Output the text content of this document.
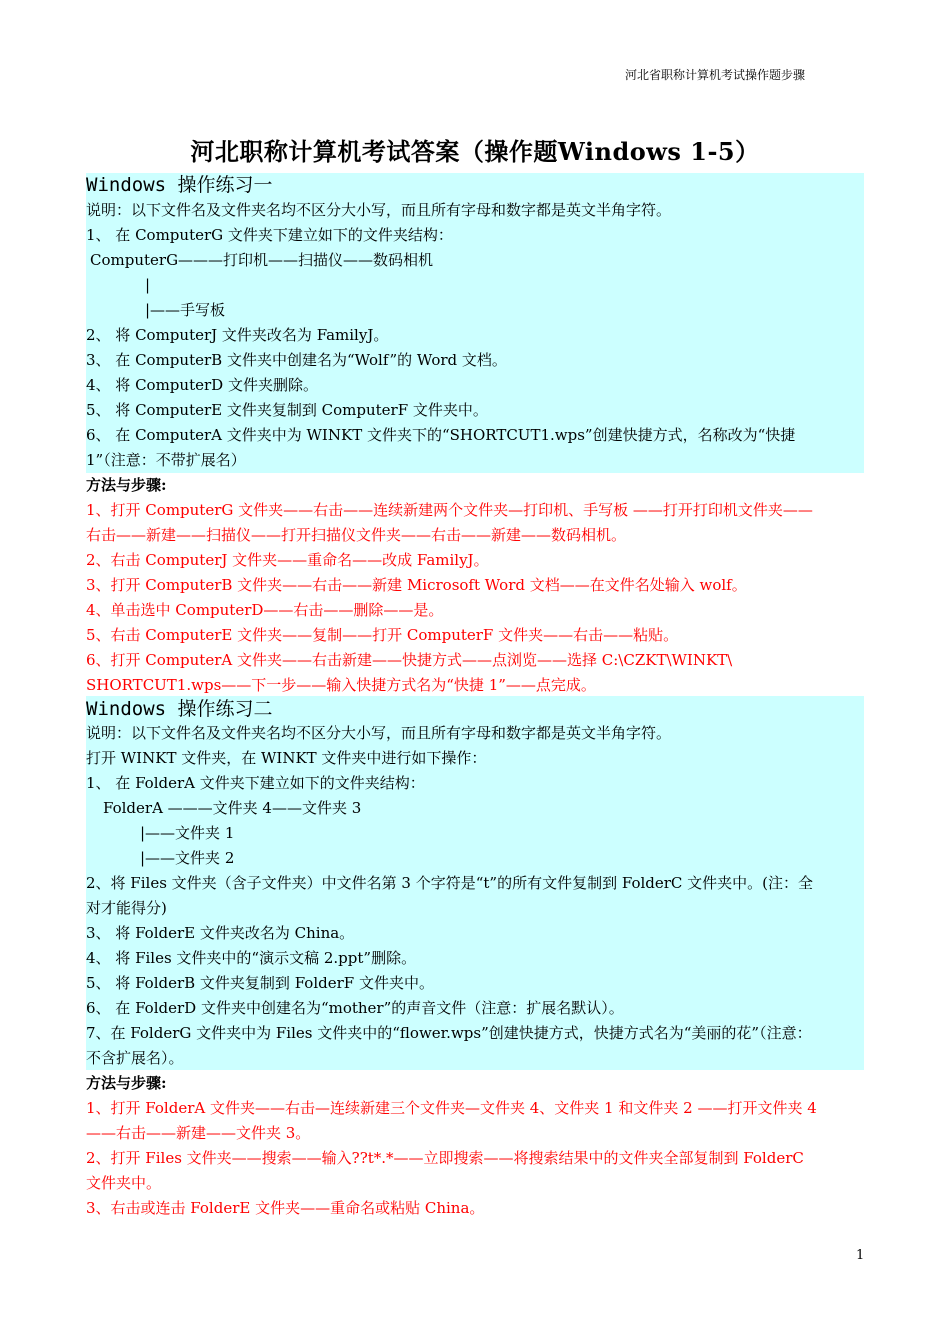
河北省职称计算机考试操作题步骤
河北职称计算机考试答案（操作题Windows 1-5）
Windows 操作练习一
说明：以下文件名及文件夹名均不区分大小写，而且所有字母和数字都是英文半角字符。
1、 在 ComputerG 文件夹下建立如下的文件夹结构：
ComputerG———打印机——扫描仪——数码相机
|
|——手写板
2、 将 ComputerJ 文件夹改名为 FamilyJ。
3、 在 ComputerB 文件夹中创建名为“Wolf”的 Word 文档。
4、 将 ComputerD 文件夹删除。
5、 将 ComputerE 文件夹复制到 ComputerF 文件夹中。
6、 在 ComputerA 文件夹中为 WINKT 文件夹下的“SHORTCUT1.wps”创建快捷方式，名称改为“快捷
1”（注意：不带扩展名）
方法与步骤:
1、打开 ComputerG 文件夹——右击——连续新建两个文件夹—打印机、手写板 ——打开打印机文件夹——
右击——新建——扫描仪——打开扫描仪文件夹——右击——新建——数码相机。
2、右击 ComputerJ 文件夹——重命名——改成 FamilyJ。
3、打开 ComputerB 文件夹——右击——新建 Microsoft Word 文档——在文件名处输入 wolf。
4、单击选中 ComputerD——右击——删除——是。
5、右击 ComputerE 文件夹——复制——打开 ComputerF 文件夹——右击——粘贴。
6、打开 ComputerA 文件夹——右击新建——快捷方式——点浏览——选择 C:\CZKT\WINKT\
SHORTCUT1.wps——下一步——输入快捷方式名为“快捷 1”——点完成。
Windows 操作练习二
说明：以下文件名及文件夹名均不区分大小写，而且所有字母和数字都是英文半角字符。
打开 WINKT 文件夹，在 WINKT 文件夹中进行如下操作：
1、 在 FolderA 文件夹下建立如下的文件夹结构：
FolderA ———文件夹 4——文件夹 3
|——文件夹 1
|——文件夹 2
2、将 Files 文件夹（含子文件夹）中文件名第 3 个字符是“t”的所有文件复制到 FolderC 文件夹中。(注：全
对才能得分)
3、 将 FolderE 文件夹改名为 China。
4、 将 Files 文件夹中的“演示文稿 2.ppt”删除。
5、 将 FolderB 文件夹复制到 FolderF 文件夹中。
6、 在 FolderD 文件夹中创建名为“mother”的声音文件（注意：扩展名默认）。
7、在 FolderG 文件夹中为 Files 文件夹中的“flower.wps”创建快捷方式，快捷方式名为“美丽的花”（注意：
不含扩展名）。
方法与步骤:
1、打开 FolderA 文件夹——右击—连续新建三个文件夹—文件夹 4、文件夹 1 和文件夹 2 ——打开文件夹 4
——右击——新建——文件夹 3。
2、打开 Files 文件夹——搜索——输入??t*.*——立即搜索——将搜索结果中的文件夹全部复制到 FolderC
文件夹中。
3、右击或连击 FolderE 文件夹——重命名或粘贴 China。
1
